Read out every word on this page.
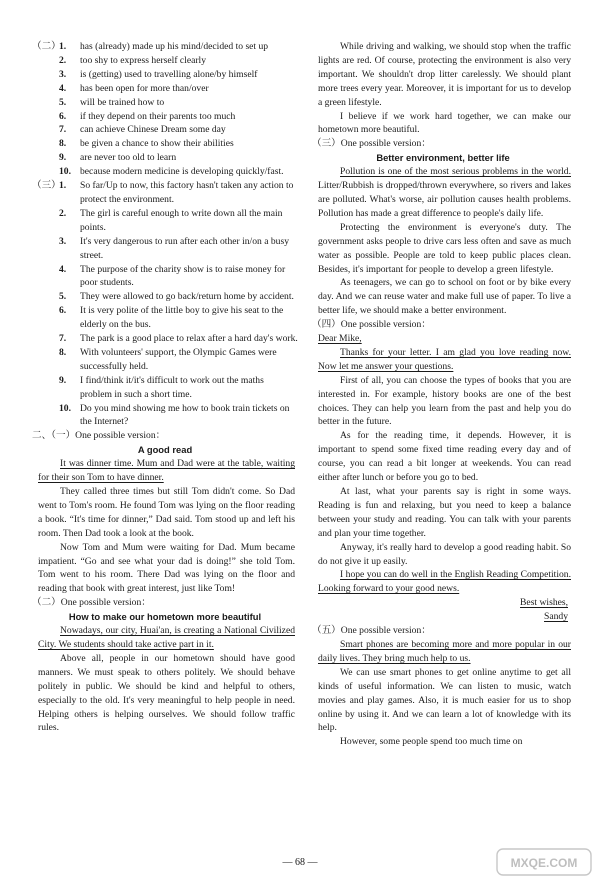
（二）
1. has (already) made up his mind/decided to set up
2. too shy to express herself clearly
3. is (getting) used to travelling alone/by himself
4. has been open for more than/over
5. will be trained how to
6. if they depend on their parents too much
7. can achieve Chinese Dream some day
8. be given a chance to show their abilities
9. are never too old to learn
10. because modern medicine is developing quickly/fast.
（三）
1. So far/Up to now, this factory hasn't taken any action to protect the environment.
2. The girl is careful enough to write down all the main points.
3. It's very dangerous to run after each other in/on a busy street.
4. The purpose of the charity show is to raise money for poor students.
5. They were allowed to go back/return home by accident.
6. It is very polite of the little boy to give his seat to the elderly on the bus.
7. The park is a good place to relax after a hard day's work.
8. With volunteers' support, the Olympic Games were successfully held.
9. I find/think it/it's difficult to work out the maths problem in such a short time.
10. Do you mind showing me how to book train tickets on the Internet?
二、（一）One possible version：
A good read
It was dinner time. Mum and Dad were at the table, waiting for their son Tom to have dinner.
They called three times but still Tom didn't come. So Dad went to Tom's room. He found Tom was lying on the floor reading a book. “It's time for dinner,” Dad said. Tom stood up and left his room. Then Dad took a look at the book.
Now Tom and Mum were waiting for Dad. Mum became impatient. “Go and see what your dad is doing!” she told Tom. Tom went to his room. There Dad was lying on the floor and reading that book with great interest, just like Tom!
（二）One possible version：
How to make our hometown more beautiful
Nowadays, our city, Huai'an, is creating a National Civilized City. We students should take active part in it.
Above all, people in our hometown should have good manners. We must speak to others politely. We should behave politely in public. We should be kind and helpful to others, especially to the old. It's very meaningful to help people in need. Helping others is helping ourselves. We should follow traffic rules.
While driving and walking, we should stop when the traffic lights are red. Of course, protecting the environment is also very important. We shouldn't drop litter carelessly. We should plant more trees every year. Moreover, it is important for us to develop a green lifestyle.
I believe if we work hard together, we can make our hometown more beautiful.
（三）One possible version：
Better environment, better life
Pollution is one of the most serious problems in the world. Litter/Rubbish is dropped/thrown everywhere, so rivers and lakes are polluted. What's worse, air pollution causes health problems. Pollution has made a great difference to people's daily life.
Protecting the environment is everyone's duty. The government asks people to drive cars less often and save as much water as possible. People are told to keep public places clean. Besides, it's important for people to develop a green lifestyle.
As teenagers, we can go to school on foot or by bike every day. And we can reuse water and make full use of paper. To live a better life, we should make a better environment.
（四）One possible version：
Dear Mike,
Thanks for your letter. I am glad you love reading now. Now let me answer your questions.
First of all, you can choose the types of books that you are interested in. For example, history books are one of the best choices. They can help you learn from the past and help you do better in the future.
As for the reading time, it depends. However, it is important to spend some fixed time reading every day and of course, you can read a bit longer at weekends. You can read either after lunch or before you go to bed.
At last, what your parents say is right in some ways. Reading is fun and relaxing, but you need to keep a balance between your study and reading. You can talk with your parents and plan your time together.
Anyway, it's really hard to develop a good reading habit. So do not give it up easily.
I hope you can do well in the English Reading Competition. Looking forward to your good news.
Best wishes,
Sandy
（五）One possible version：
Smart phones are becoming more and more popular in our daily lives. They bring much help to us.
We can use smart phones to get online anytime to get all kinds of useful information. We can listen to music, watch movies and play games. Also, it is much easier for us to shop online by using it. And we can learn a lot of knowledge with its help.
However, some people spend too much time on
— 68 —	MXQE.COM
